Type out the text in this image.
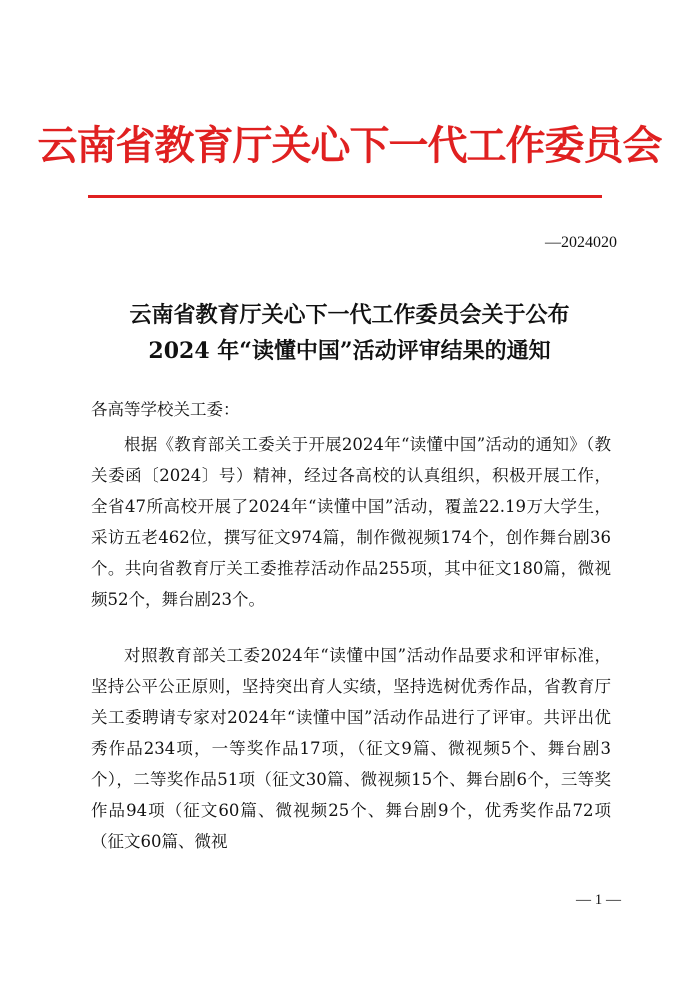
云南省教育厅关心下一代工作委员会
—2024020
云南省教育厅关心下一代工作委员会关于公布
2024 年“读懂中国”活动评审结果的通知
各高等学校关工委：

根据《教育部关工委关于开展2024年“读懂中国”活动的通知》（教关委函〔2024〕号）精神，经过各高校的认真组织，积极开展工作，全省47所高校开展了2024年“读懂中国”活动，覆盖22.19万大学生，采访五老462位，撰写征文974篇，制作微视频174个，创作舞台剧36个。共向省教育厅关工委推荐活动作品255项，其中征文180篇，微视频52个，舞台剧23个。

对照教育部关工委2024年“读懂中国”活动作品要求和评审标准，坚持公平公正原则，坚持突出育人实绩，坚持选树优秀作品，省教育厅关工委聘请专家对2024年“读懂中国”活动作品进行了评审。共评出优秀作品234项，一等奖作品17项，（征文9篇、微视频5个、舞台剧3个），二等奖作品51项（征文30篇、微视频15个、舞台剧6个，三等奖作品94项（征文60篇、微视频25个、舞台剧9个，优秀奖作品72项（征文60篇、微视

— 1 —
